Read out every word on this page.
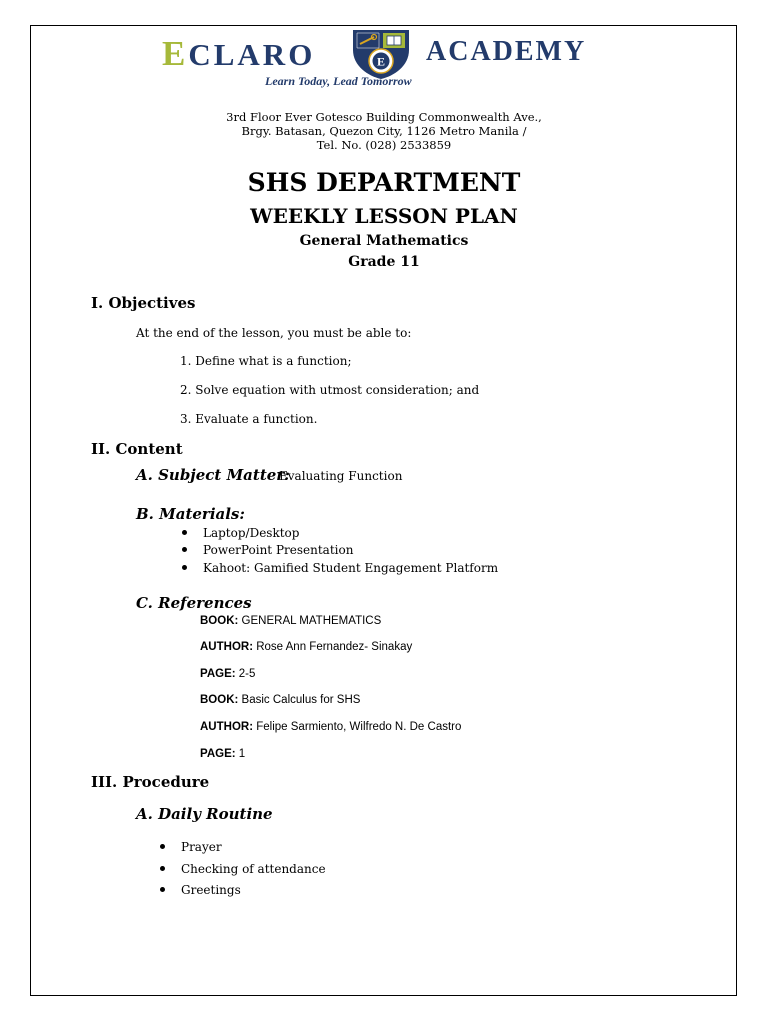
ECLARO	E ACADEMY
Learn Today, Lead Tomorrow
3rd Floor Ever Gotesco Building Commonwealth Ave.,
Brgy. Batasan, Quezon City, 1126 Metro Manila /
Tel. No. (028) 2533859
SHS DEPARTMENT
WEEKLY LESSON PLAN
General Mathematics
Grade 11
I. Objectives
At the end of the lesson, you must be able to:
1. Define what is a function;
2. Solve equation with utmost consideration; and
3. Evaluate a function.
II. Content
A. Subject Matter:
Evaluating Function
B. Materials:
Laptop/Desktop
PowerPoint Presentation
Kahoot: Gamified Student Engagement Platform
C. References
BOOK: GENERAL MATHEMATICS
AUTHOR: Rose Ann Fernandez- Sinakay
PAGE: 2-5
BOOK: Basic Calculus for SHS
AUTHOR: Felipe Sarmiento, Wilfredo N. De Castro
PAGE: 1
III. Procedure
A. Daily Routine
Prayer
Checking of attendance
Greetings
